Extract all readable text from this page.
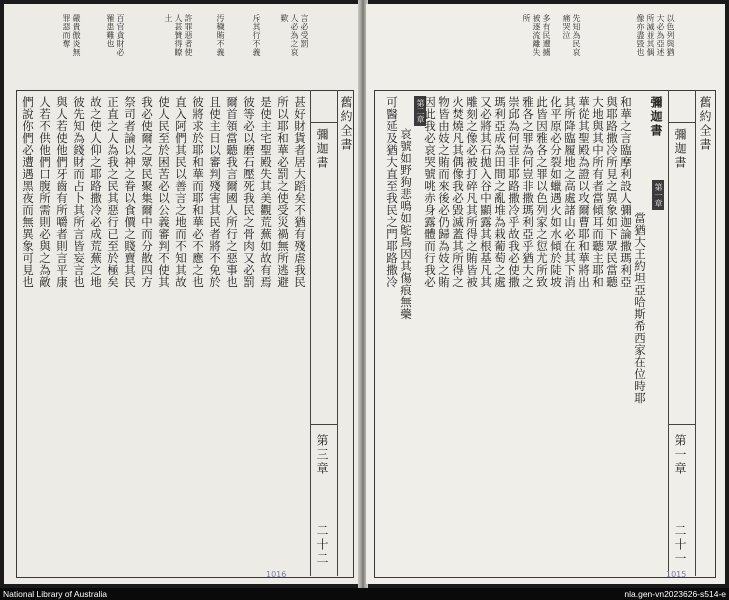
舊約全書
彌迦書
第三章
二十二
言必受罰
人必為之哀
歎
斥其行不義
汚穢賄不義
許罪惡者使
人甚贊得瞭
土
百官貪財必
罹患難也
嚴貴傲炎無
罪惡而奪
甚好財貨者居大蹈矣不猶有殘虐我民
所以耶和華必罰之使受災禍無所逃避
是使主宅聖殿失其美觀荒蕪如故有焉
彼等必以磨石壓死我民之骨肉又必罰
爾首領當聽我言爾國人所行之惡事也
且使主日以審判殘害其民者將不免於
彼將求於耶和華而耶和華必不應之也
直入阿們其民以善言之地而不知其故
使人民至於困苦必以公義審判不使其
我必使爾之眾民聚集爾中而分散四方
祭司者論以神之眷以食價之賤賣其民
正直之人為我之民其惡行已至於極矣
故之使人仰之耶路撒冷必成荒蕪之地
彼先知為錢財而占卜其所言皆妄言也
與人若使他們牙齒有所嚼者則言平康
人若不供他們口腹所需則必與之為敵
們說你們必遭遇黑夜而無異象可見也
1016
舊約全書
彌迦書
第一章
二十一
彌迦書
以色列與猶
大必為亞述
所滅並其偶
像亦盡毀也
先知為民哀
痛哭泣
多有民遭擄
被逐流離失
所
第一章
第二章
當猶大王約坦亞哈斯希西家在位時耶
和華之言臨摩利設人彌迦論撒瑪利亞
與耶路撒冷所見之異象如下眾民當聽
大地與其中所有者當傾耳而聽主耶和
華從其聖殿為證以攻爾曹耶和華將出
其所降臨履地之高處諸山必在其下消
化平原必分裂如蠟遇火如水傾於陡坡
此皆因雅各之罪以色列家之愆尤所致
雅各之罪為何豈非撒瑪利亞乎猶大之
崇邱為何豈非耶路撒冷乎故我必使撒
瑪利亞成為田間之亂堆為栽葡萄之處
又必將其石拋入谷中顯露其根基凡其
雕刻之像必被打碎凡其所得之賄皆被
火焚燒凡其偶像我必毀滅蓋其所得之
物皆由妓之賄而來後必仍歸為妓之賄
因此我必哀哭號咷赤身露體而行我必
哀號如野狗悲鳴如鴕鳥因其傷痕無藥
可醫延及猶大直至我民之門耶路撒冷
1015
National Library of Australia	nla.gen-vn2023626-s514-e
